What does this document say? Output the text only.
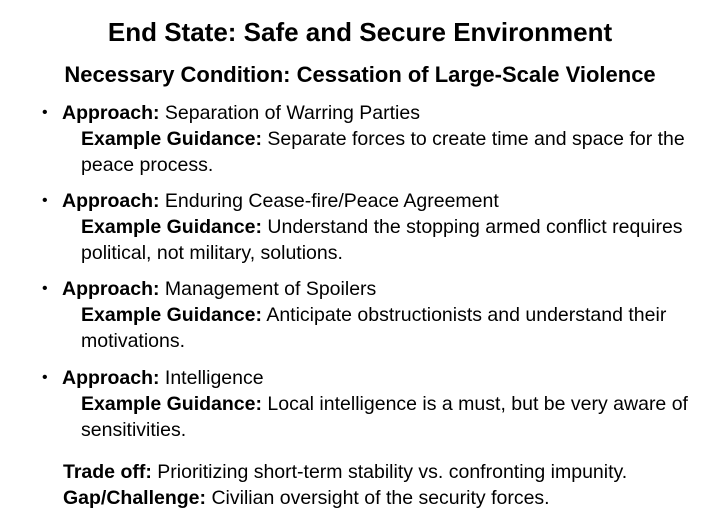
End State: Safe and Secure Environment
Necessary Condition: Cessation of Large-Scale Violence
• Approach: Separation of Warring Parties
Example Guidance: Separate forces to create time and space for the peace process.
• Approach: Enduring Cease-fire/Peace Agreement
Example Guidance: Understand the stopping armed conflict requires political, not military, solutions.
• Approach: Management of Spoilers
Example Guidance: Anticipate obstructionists and understand their motivations.
• Approach: Intelligence
Example Guidance: Local intelligence is a must, but be very aware of sensitivities.
Trade off: Prioritizing short-term stability vs. confronting impunity.
Gap/Challenge: Civilian oversight of the security forces.
